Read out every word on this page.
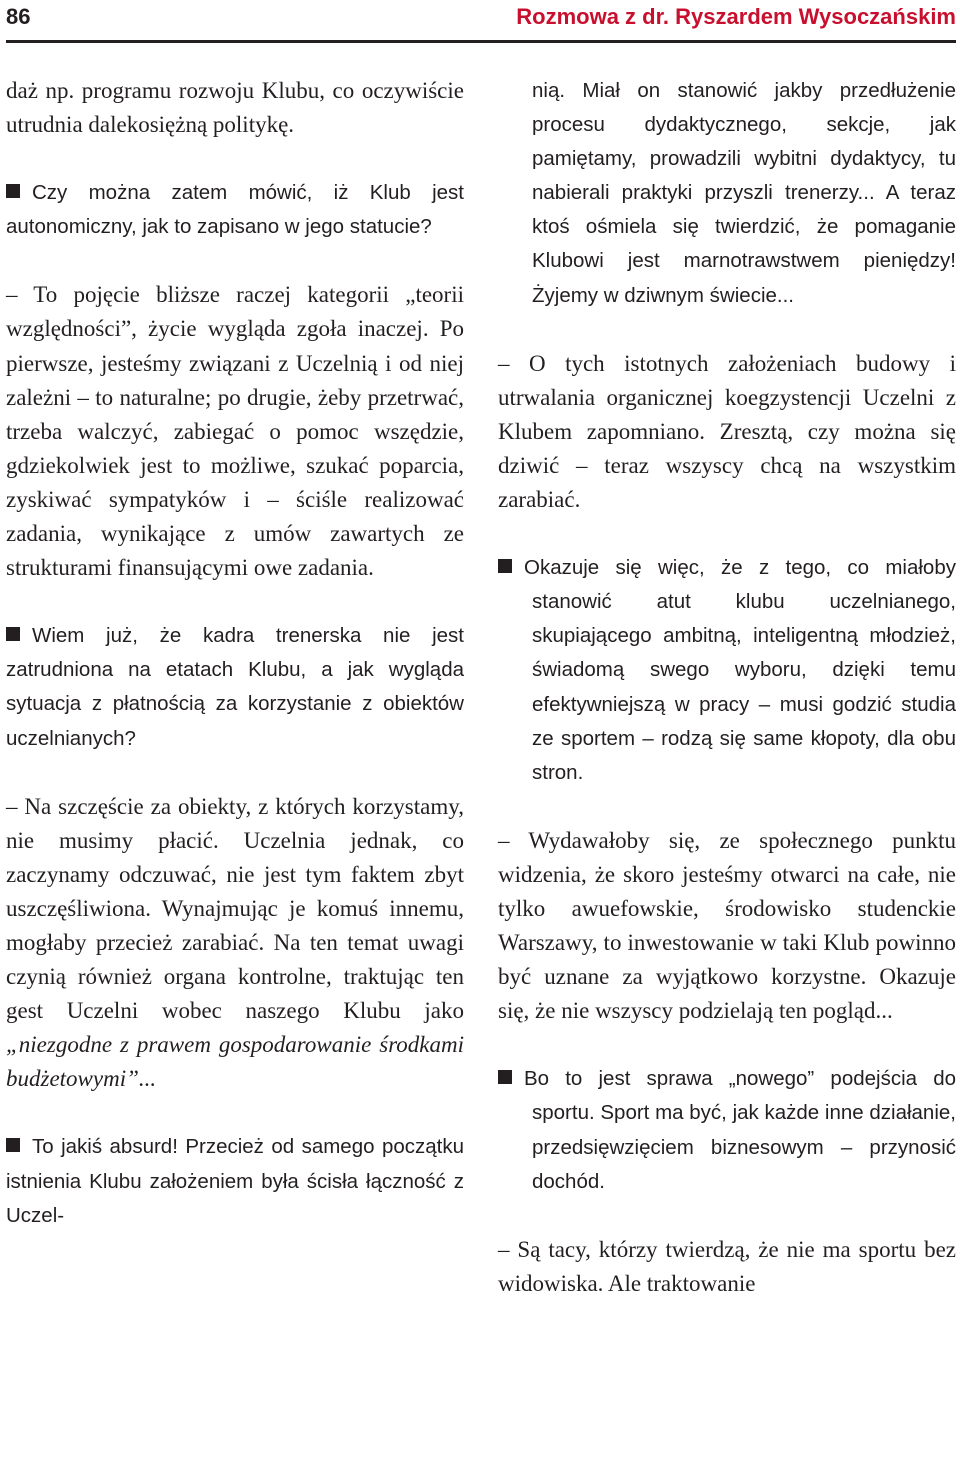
86	Rozmowa z dr. Ryszardem Wysoczańskim

daż np. programu rozwoju Klubu, co oczywiście utrudnia dalekosiężną politykę.

Czy można zatem mówić, iż Klub jest autonomiczny, jak to zapisano w jego statucie?

– To pojęcie bliższe raczej kategorii „teorii względności”, życie wygląda zgoła inaczej. Po pierwsze, jesteśmy związani z Uczelnią i od niej zależni – to naturalne; po drugie, żeby przetrwać, trzeba walczyć, zabiegać o pomoc wszędzie, gdziekolwiek jest to możliwe, szukać poparcia, zyskiwać sympatyków i – ściśle realizować zadania, wynikające z umów zawartych ze strukturami finansującymi owe zadania.

Wiem już, że kadra trenerska nie jest zatrudniona na etatach Klubu, a jak wygląda sytuacja z płatnością za korzystanie z obiektów uczelnianych?

– Na szczęście za obiekty, z których korzystamy, nie musimy płacić. Uczelnia jednak, co zaczynamy odczuwać, nie jest tym faktem zbyt uszczęśliwiona. Wynajmując je komuś innemu, mogłaby przecież zarabiać. Na ten temat uwagi czynią również organa kontrolne, traktując ten gest Uczelni wobec naszego Klubu jako „niezgodne z prawem gospodarowanie środkami budżetowymi”...

To jakiś absurd! Przecież od samego początku istnienia Klubu założeniem była ścisła łączność z Uczel-

nią. Miał on stanowić jakby przedłużenie procesu dydaktycznego, sekcje, jak pamiętamy, prowadzili wybitni dydaktycy, tu nabierali praktyki przyszli trenerzy... A teraz ktoś ośmiela się twierdzić, że pomaganie Klubowi jest marnotrawstwem pieniędzy! Żyjemy w dziwnym świecie...

– O tych istotnych założeniach budowy i utrwalania organicznej koegzystencji Uczelni z Klubem zapomniano. Zresztą, czy można się dziwić – teraz wszyscy chcą na wszystkim zarabiać.

Okazuje się więc, że z tego, co miałoby stanowić atut klubu uczelnianego, skupiającego ambitną, inteligentną młodzież, świadomą swego wyboru, dzięki temu efektywniejszą w pracy – musi godzić studia ze sportem – rodzą się same kłopoty, dla obu stron.

– Wydawałoby się, ze społecznego punktu widzenia, że skoro jesteśmy otwarci na całe, nie tylko awuefowskie, środowisko studenckie Warszawy, to inwestowanie w taki Klub powinno być uznane za wyjątkowo korzystne. Okazuje się, że nie wszyscy podzielają ten pogląd...

Bo to jest sprawa „nowego” podejścia do sportu. Sport ma być, jak każde inne działanie, przedsięwzięciem biznesowym – przynosić dochód.

– Są tacy, którzy twierdzą, że nie ma sportu bez widowiska. Ale traktowanie
